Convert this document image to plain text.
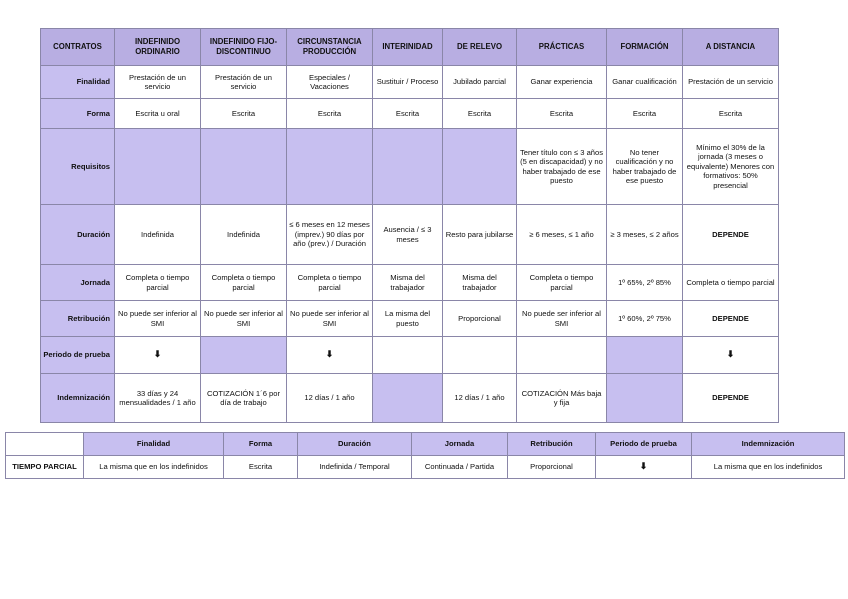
CONTRATOS	INDEFINIDO ORDINARIO	INDEFINIDO FIJO-DISCONTINUO	CIRCUNSTANCIA PRODUCCIÓN	INTERINIDAD	DE RELEVO	PRÁCTICAS	FORMACIÓN	A DISTANCIA
Finalidad	Prestación de un servicio	Prestación de un servicio	Especiales / Vacaciones	Sustituir / Proceso	Jubilado parcial	Ganar experiencia	Ganar cualificación	Prestación de un servicio
Forma	Escrita u oral	Escrita	Escrita	Escrita	Escrita	Escrita	Escrita	Escrita
Requisitos						Tener título con ≤ 3 años (5 en discapacidad) y no haber trabajado de ese puesto	No tener cualificación y no haber trabajado de ese puesto	Mínimo el 30% de la jornada (3 meses o equivalente) Menores con formativos: 50% presencial
Duración	Indefinida	Indefinida	≤ 6 meses en 12 meses (imprev.) 90 días por año (prev.) / Duración	Ausencia / ≤ 3 meses	Resto para jubilarse	≥ 6 meses, ≤ 1 año	≥ 3 meses, ≤ 2 años	DEPENDE
Jornada	Completa o tiempo parcial	Completa o tiempo parcial	Completa o tiempo parcial	Misma del trabajador	Misma del trabajador	Completa o tiempo parcial	1º 65%, 2º 85%	Completa o tiempo parcial
Retribución	No puede ser inferior al SMI	No puede ser inferior al SMI	No puede ser inferior al SMI	La misma del puesto	Proporcional	No puede ser inferior al SMI	1º 60%, 2º 75%	DEPENDE
Periodo de prueba	⬇		⬇					⬇
Indemnización	33 días y 24 mensualidades / 1 año	COTIZACIÓN 1´6 por día de trabajo	12 días / 1 año		12 días / 1 año	COTIZACIÓN Más baja y fija		DEPENDE
	Finalidad	Forma	Duración	Jornada	Retribución	Periodo de prueba	Indemnización
TIEMPO PARCIAL	La misma que en los indefinidos	Escrita	Indefinida / Temporal	Continuada / Partida	Proporcional	⬇	La misma que en los indefinidos
